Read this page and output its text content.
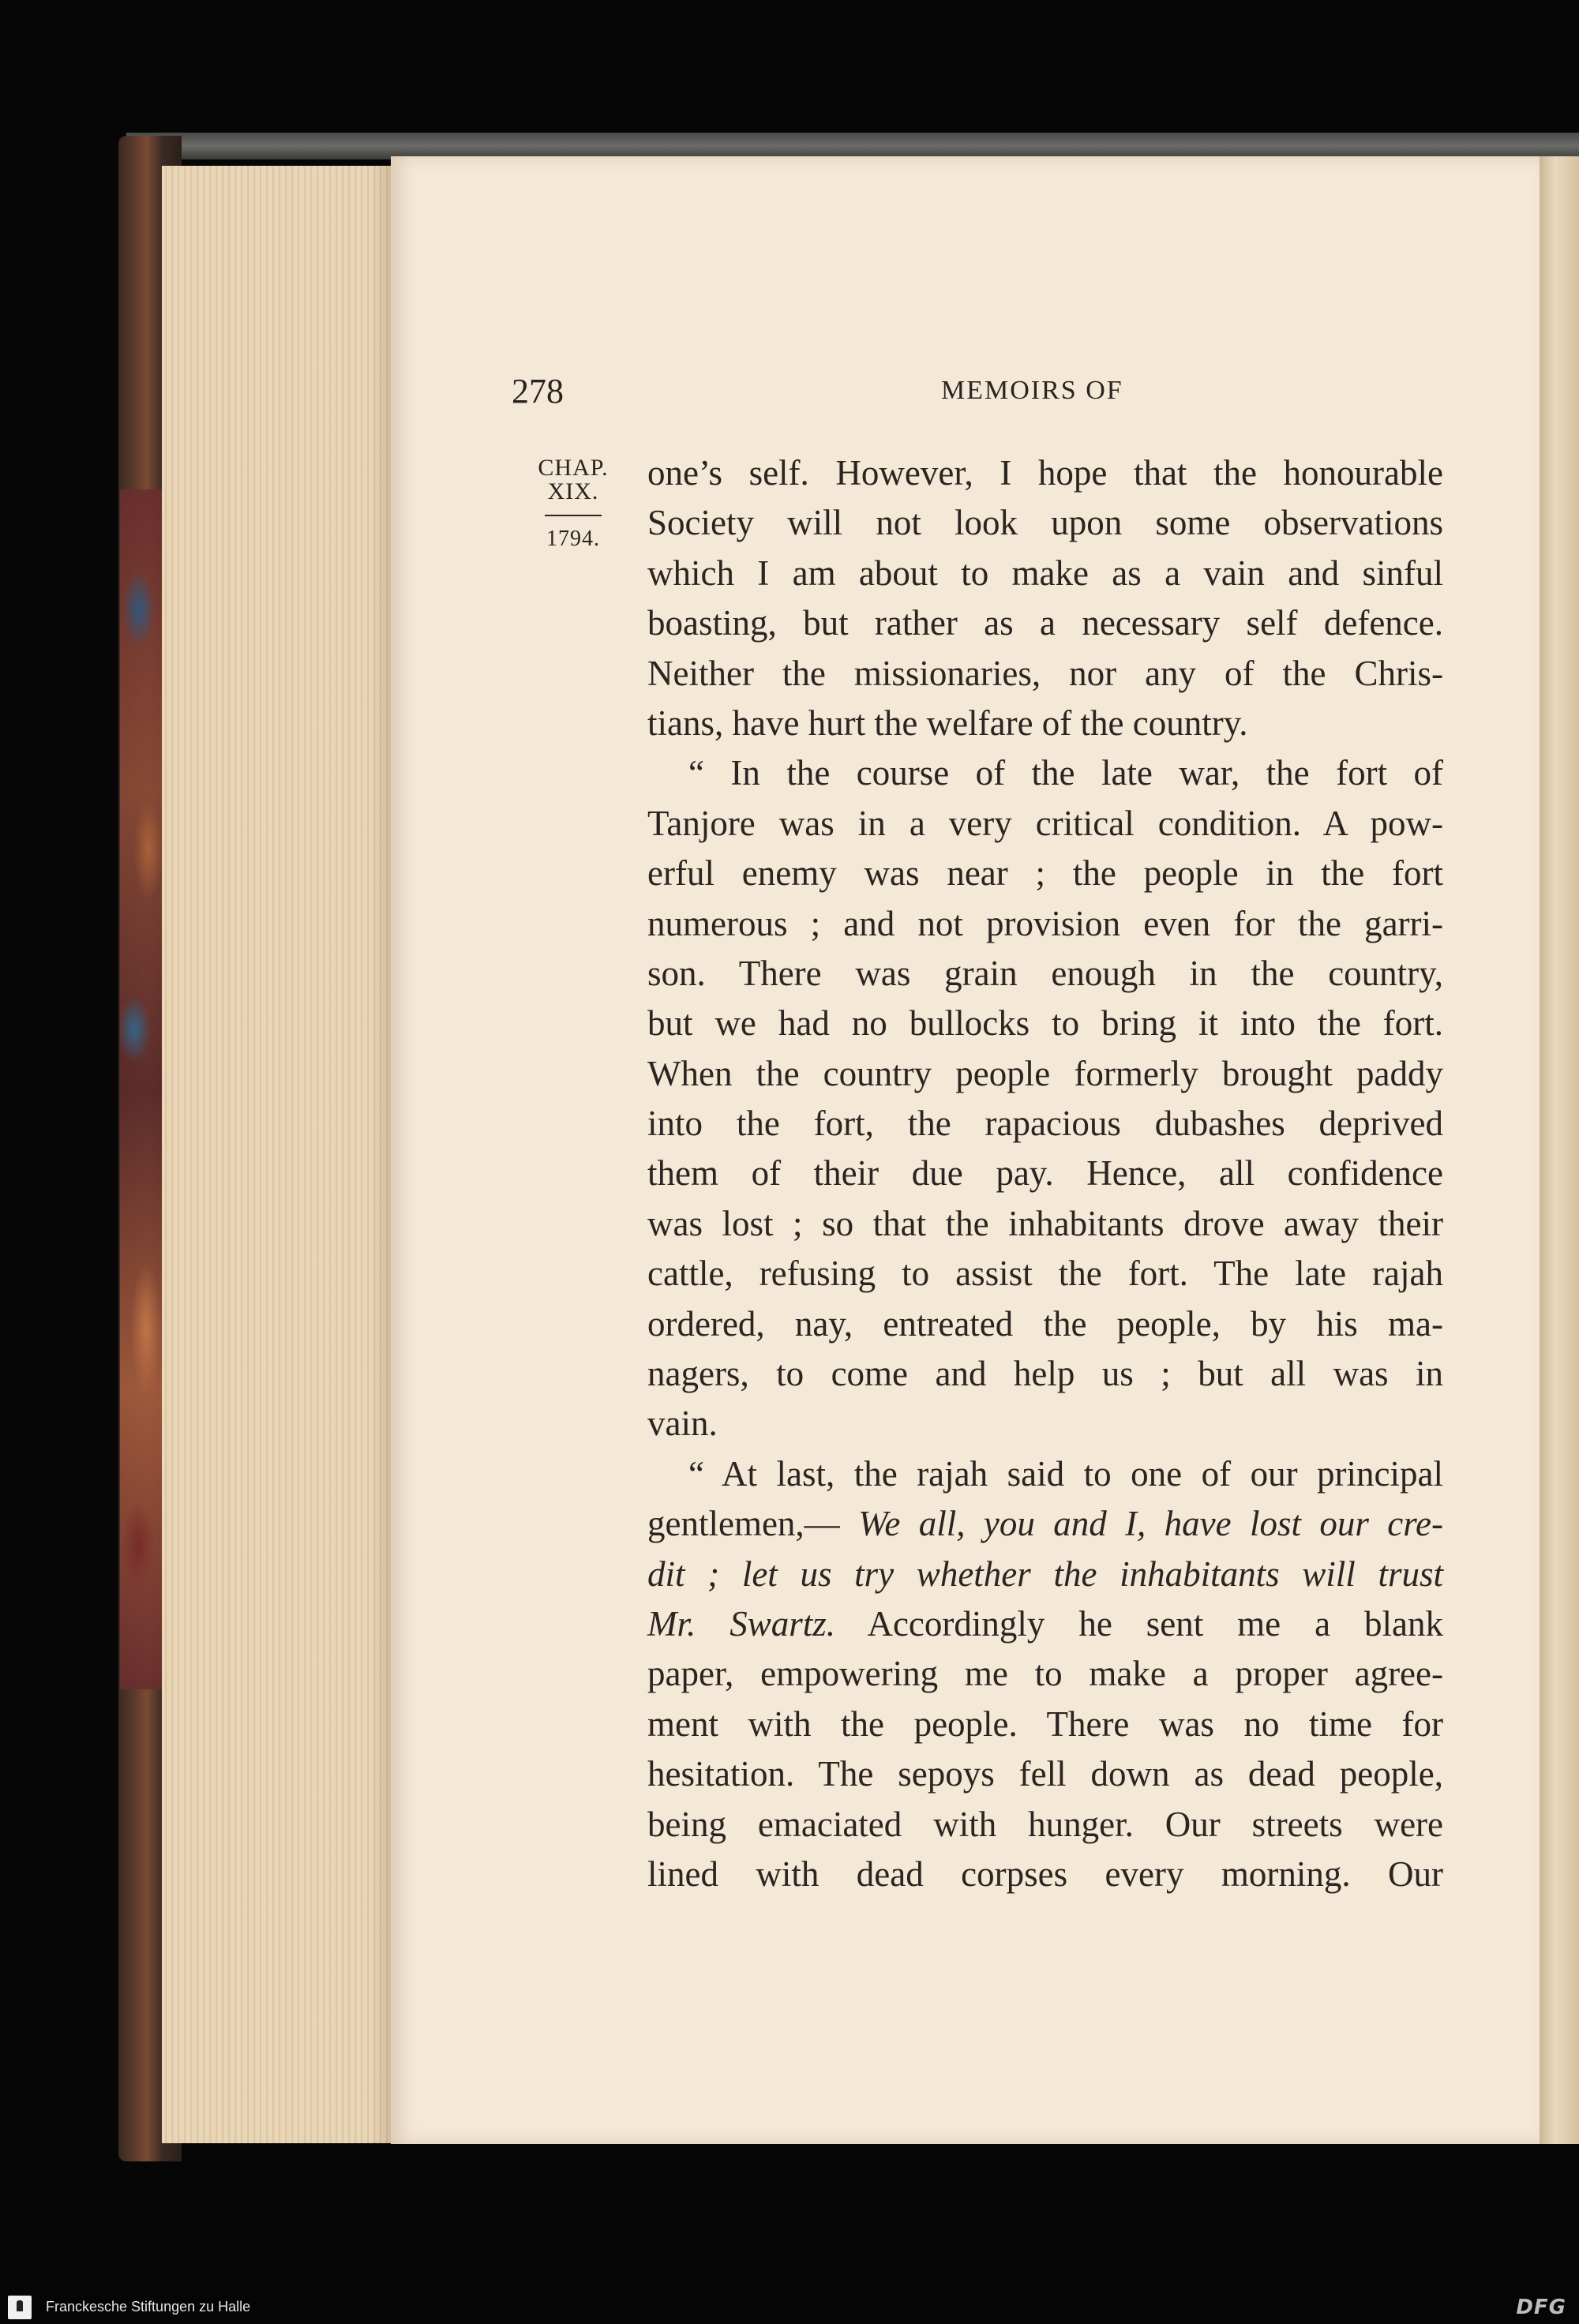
278	MEMOIRS OF
CHAP.
XIX.
1794.
one’s self. However, I hope that the honourable
Society will not look upon some observations
which I am about to make as a vain and sinful
boasting, but rather as a necessary self defence.
Neither the missionaries, nor any of the Chris-
tians, have hurt the welfare of the country.
“ In the course of the late war, the fort of
Tanjore was in a very critical condition. A pow-
erful enemy was near ; the people in the fort
numerous ; and not provision even for the garri-
son. There was grain enough in the country,
but we had no bullocks to bring it into the fort.
When the country people formerly brought paddy
into the fort, the rapacious dubashes deprived
them of their due pay. Hence, all confidence
was lost ; so that the inhabitants drove away their
cattle, refusing to assist the fort. The late rajah
ordered, nay, entreated the people, by his ma-
nagers, to come and help us ; but all was in
vain.
“ At last, the rajah said to one of our principal
gentlemen,— We all, you and I, have lost our cre-
dit ; let us try whether the inhabitants will trust
Mr. Swartz. Accordingly he sent me a blank
paper, empowering me to make a proper agree-
ment with the people. There was no time for
hesitation. The sepoys fell down as dead people,
being emaciated with hunger. Our streets were
lined with dead corpses every morning. Our
Franckesche Stiftungen zu Halle	DFG
